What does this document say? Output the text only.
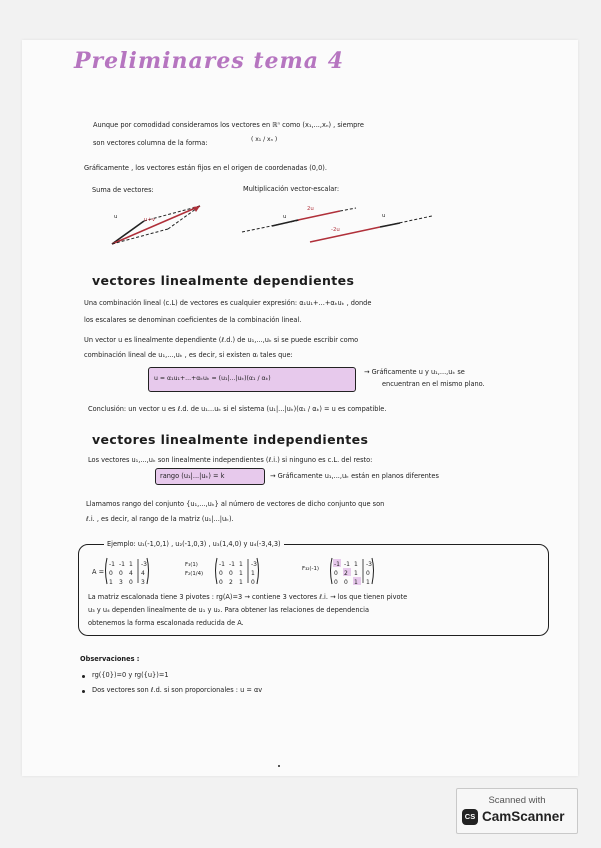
Preliminares tema 4
Aunque por comodidad consideramos los vectores en ℝⁿ como (x₁,...,xₙ) , siempre
son vectores columna de la forma:	( x₁ / xₙ )
Gráficamente , los vectores están fijos en el origen de coordenadas (0,0).
Suma de vectores:	Multiplicación vector-escalar:
u	u+v	u
2u
u
-2u
vectores linealmente dependientes
Una combinación lineal (c.L) de vectores es cualquier expresión: α₁u₁+...+αₖuₖ , donde
los escalares se denominan coeficientes de la combinación lineal.
Un vector u es linealmente dependiente (ℓ.d.) de u₁,...,uₖ si se puede escribir como
combinación lineal de u₁,...,uₖ , es decir, si existen αᵢ tales que:
u = α₁u₁+...+αₖuₖ = (u₁|...|uₖ)(α₁ / αₖ)
→ Gráficamente u y u₁,...,uₖ se
encuentran en el mismo plano.
Conclusión: un vector u es ℓ.d. de u₁...uₖ si el sistema (u₁|...|uₖ)(α₁ / αₖ) = u es compatible.
vectores linealmente independientes
Los vectores u₁,...,uₖ son linealmente independientes (ℓ.i.) si ninguno es c.L. del resto:
rango (u₁|...|uₖ) = k	→ Gráficamente u₁,...,uₖ están en planos diferentes
Llamamos rango del conjunto {u₁,...,uₖ} al número de vectores de dicho conjunto que son
ℓ.i. , es decir, al rango de la matriz (u₁|...|uₖ).
Ejemplo: u₁(-1,0,1) , u₂(-1,0,3) , u₃(1,4,0) y u₄(-3,4,3)
A =
-1 -1 1 -3
0 0 4 4
1 3 0 3
-1 -1 1 -3
0 0 1 1
0 2 1 0
-1 -1 1 -3
0 2 1 0
0 0 1 1
F₃(1)
F₂(1/4)
F₃₂(-1)
La matriz escalonada tiene 3 pivotes : rg(A)=3 → contiene 3 vectores ℓ.i. → los que tienen pivote
u₃ y u₄ dependen linealmente de u₁ y u₂. Para obtener las relaciones de dependencia
obtenemos la forma escalonada reducida de A.
Observaciones :
rg({0})=0 y rg({u})=1
Dos vectores son ℓ.d. si son proporcionales : u = αv
Scanned with
CS CamScanner
